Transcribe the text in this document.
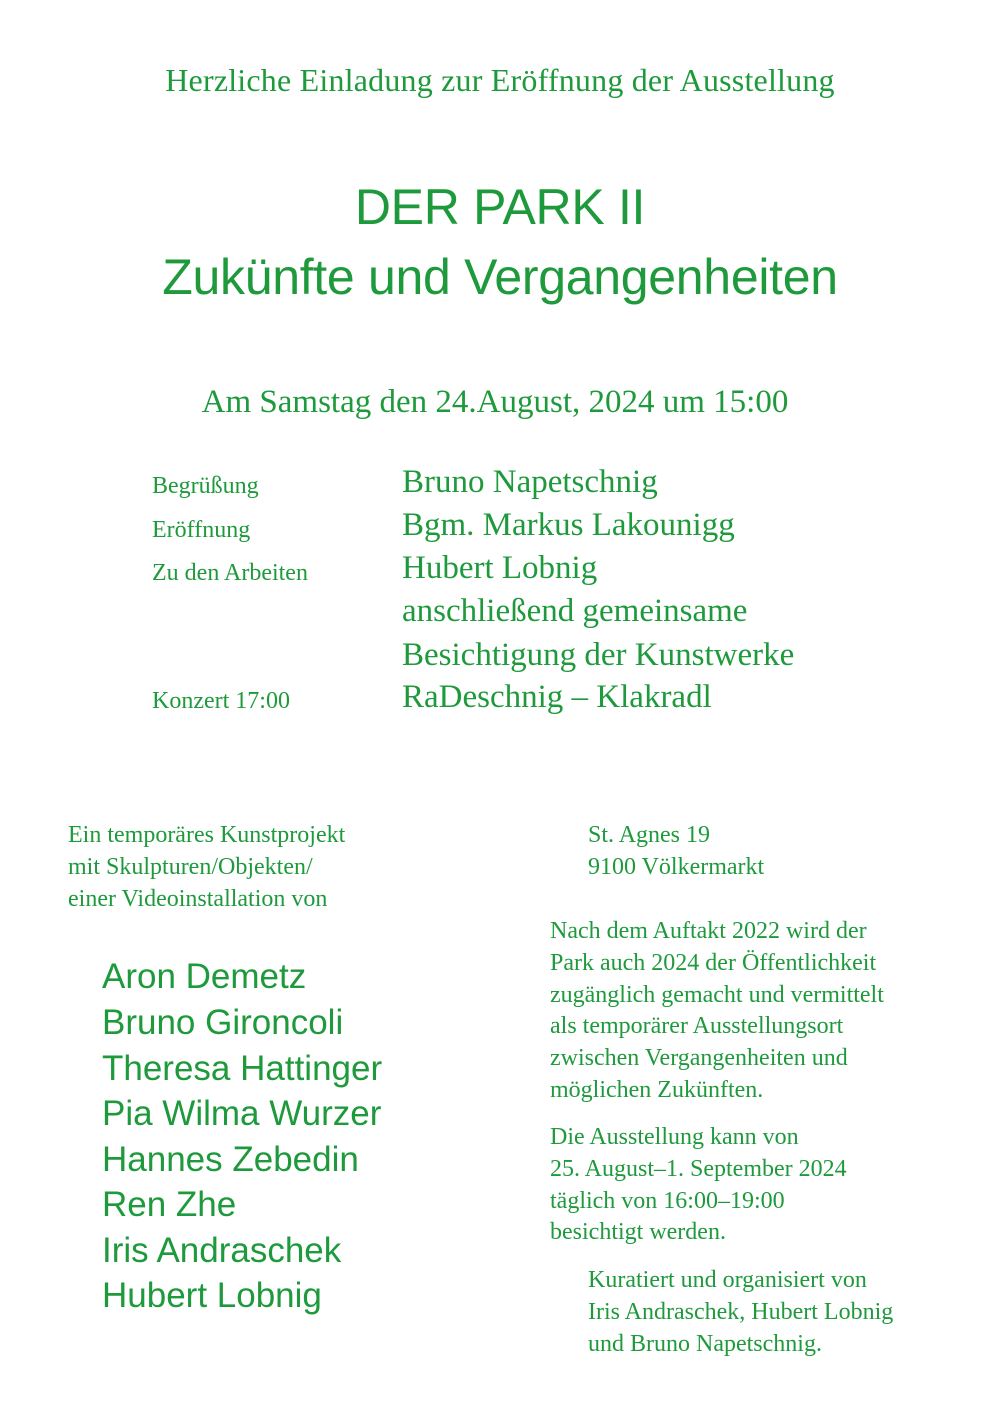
Herzliche Einladung zur Eröffnung der Ausstellung
DER PARK II
Zukünfte und Vergangenheiten
Am Samstag den 24.August, 2024 um 15:00
Begrüßung	Bruno Napetschnig
Eröffnung	Bgm. Markus Lakounigg
Zu den Arbeiten	Hubert Lobnig
anschließend gemeinsame
Besichtigung der Kunstwerke
Konzert 17:00	RaDeschnig – Klakradl
Ein temporäres Kunstprojekt
mit Skulpturen/Objekten/
einer Videoinstallation von
Aron Demetz
Bruno Gironcoli
Theresa Hattinger
Pia Wilma Wurzer
Hannes Zebedin
Ren Zhe
Iris Andraschek
Hubert Lobnig
St. Agnes 19
9100 Völkermarkt
Nach dem Auftakt 2022 wird der
Park auch 2024 der Öffentlichkeit
zugänglich gemacht und vermittelt
als temporärer Ausstellungsort
zwischen Vergangenheiten und
möglichen Zukünften.
Die Ausstellung kann von
25. August–1. September 2024
täglich von 16:00–19:00
besichtigt werden.
Kuratiert und organisiert von
Iris Andraschek, Hubert Lobnig
und Bruno Napetschnig.
